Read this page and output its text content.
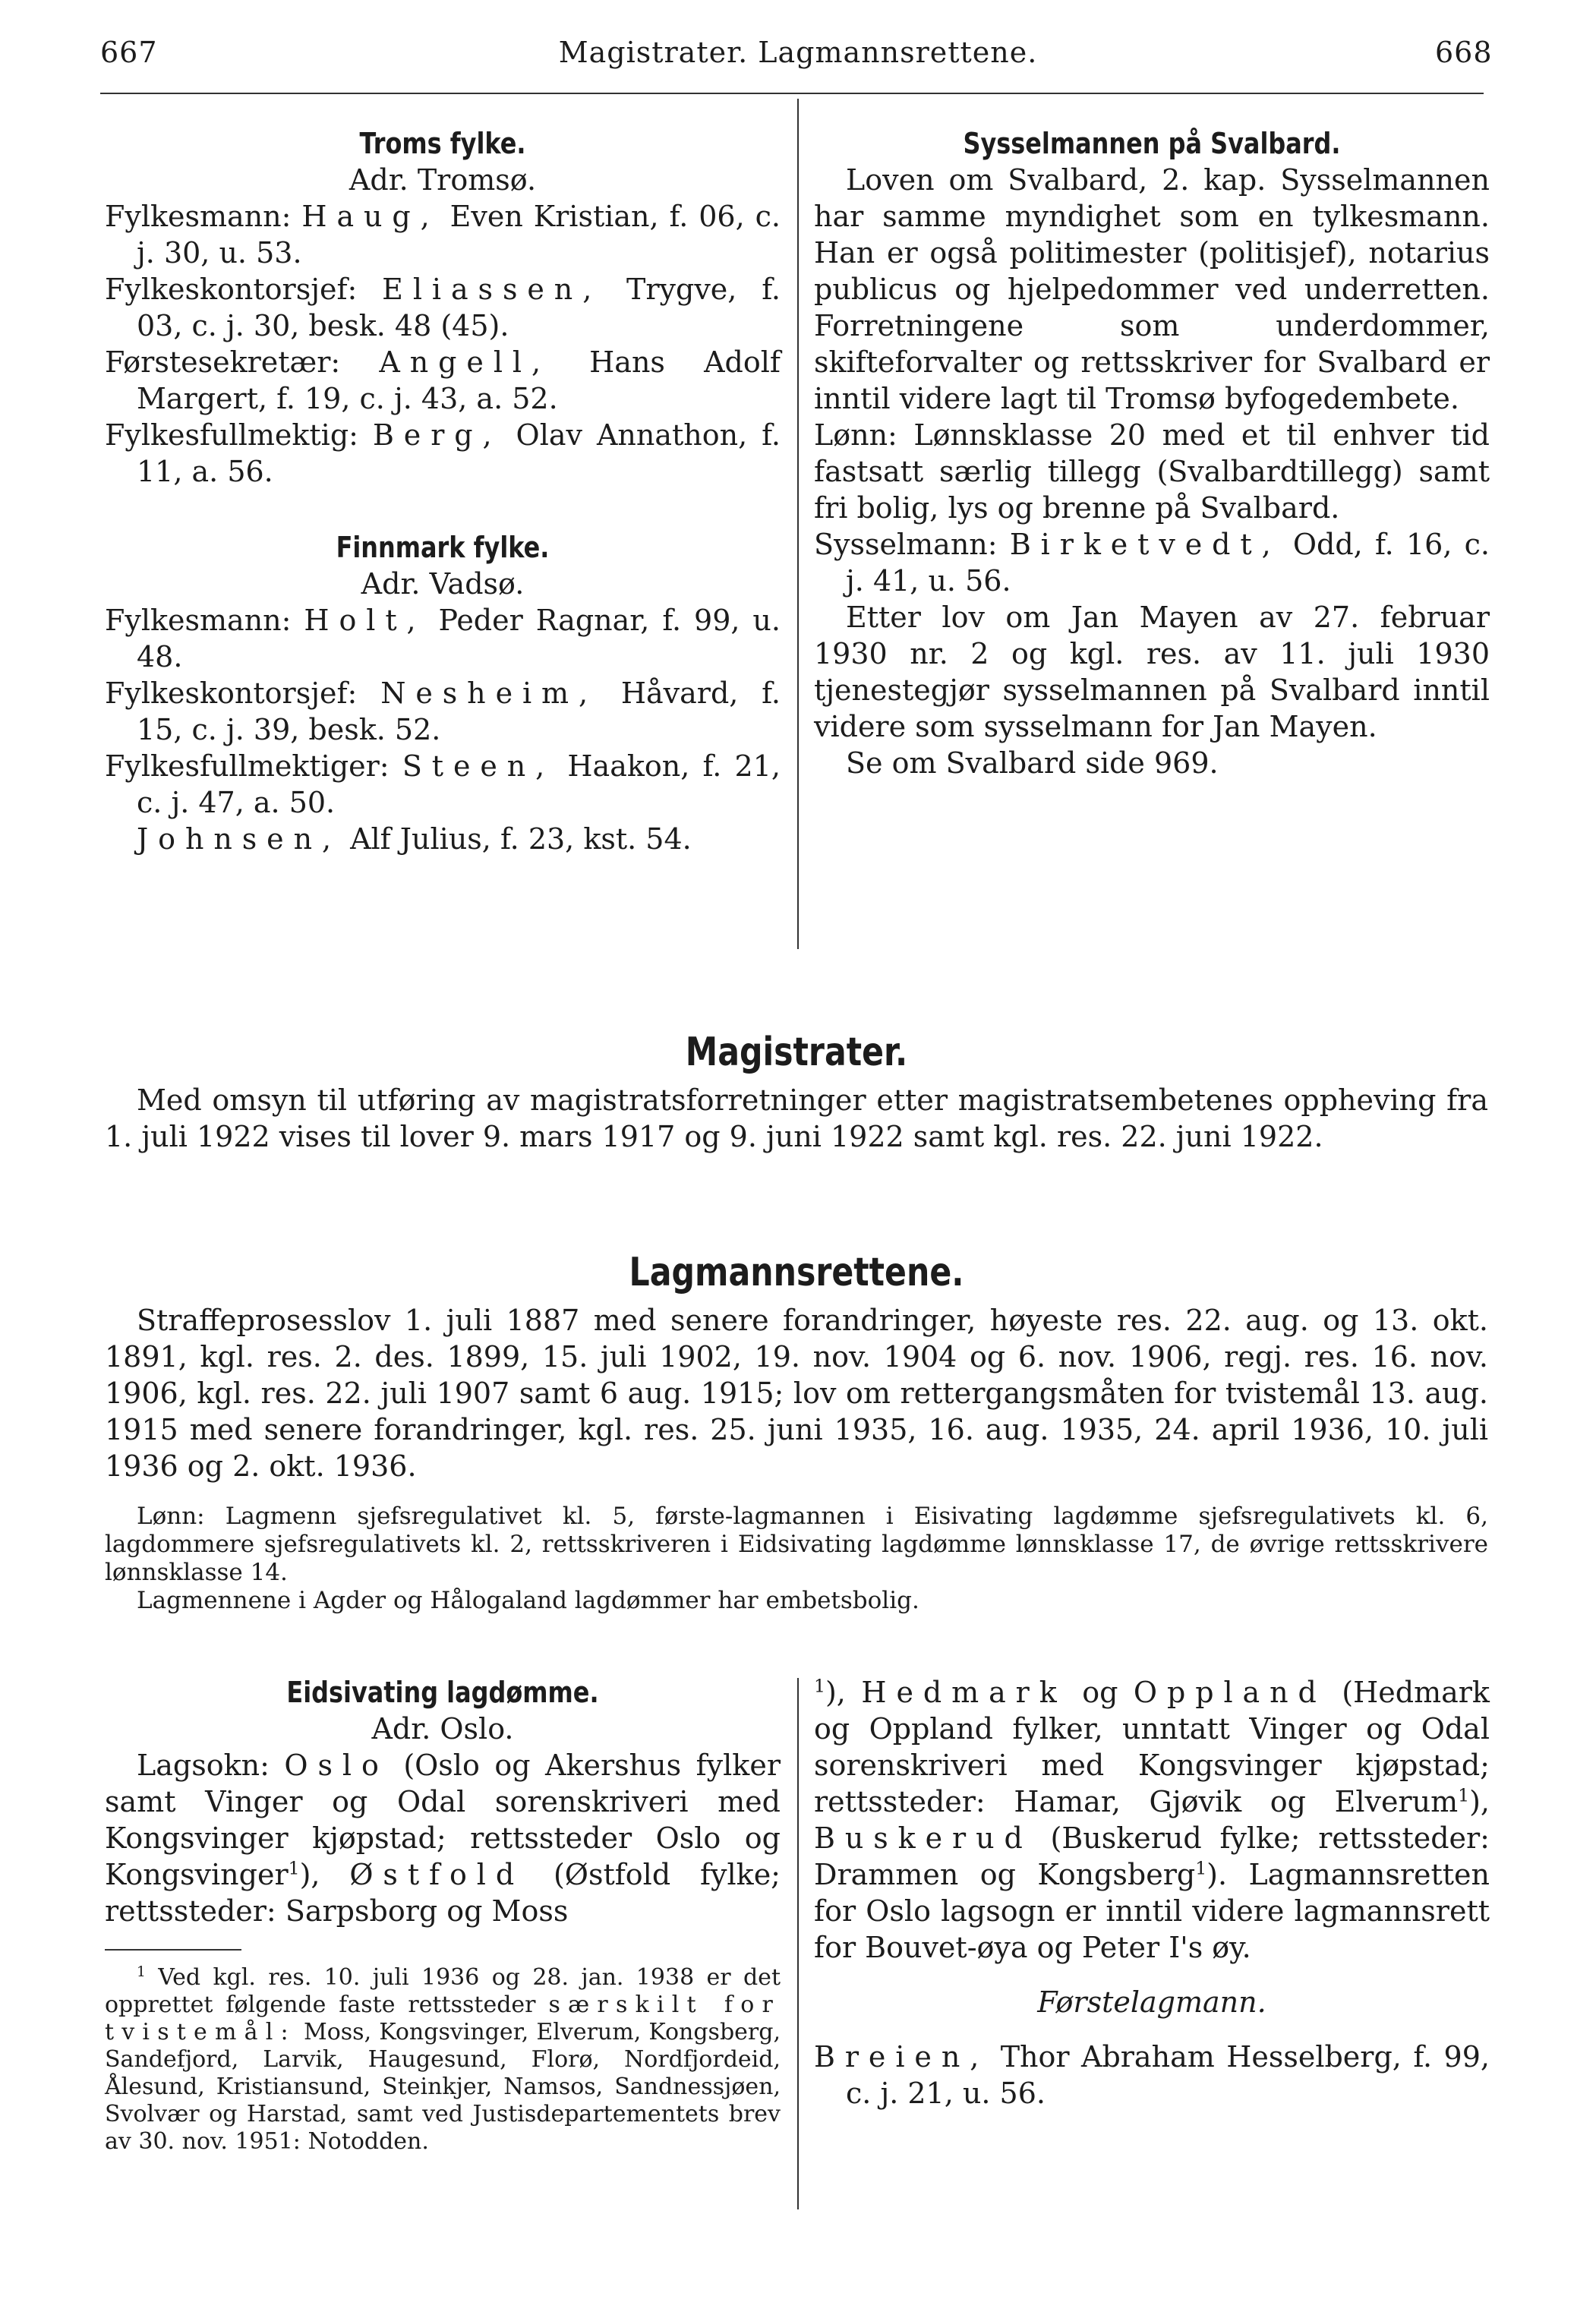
667	Magistrater. Lagmannsrettene.	668
Troms fylke.

Adr. Tromsø.

Fylkesmann: Haug, Even Kristian, f. 06, c. j. 30, u. 53.

Fylkeskontorsjef: Eliassen, Trygve, f. 03, c. j. 30, besk. 48 (45).

Førstesekretær: Angell, Hans Adolf Margert, f. 19, c. j. 43, a. 52.

Fylkesfullmektig: Berg, Olav Annathon, f. 11, a. 56.

Finnmark fylke.

Adr. Vadsø.

Fylkesmann: Holt, Peder Ragnar, f. 99, u. 48.

Fylkeskontorsjef: Nesheim, Håvard, f. 15, c. j. 39, besk. 52.

Fylkesfullmektiger: Steen, Haakon, f. 21, c. j. 47, a. 50.

Johnsen, Alf Julius, f. 23, kst. 54.

Sysselmannen på Svalbard.

Loven om Svalbard, 2. kap. Sysselmannen har samme myndighet som en tylkesmann. Han er også politimester (politisjef), notarius publicus og hjelpedommer ved underretten. Forretningene som underdommer, skifteforvalter og rettsskriver for Svalbard er inntil videre lagt til Tromsø byfogedembete.

Lønn: Lønnsklasse 20 med et til enhver tid fastsatt særlig tillegg (Svalbardtillegg) samt fri bolig, lys og brenne på Svalbard.

Sysselmann: Birketvedt, Odd, f. 16, c. j. 41, u. 56.

Etter lov om Jan Mayen av 27. februar 1930 nr. 2 og kgl. res. av 11. juli 1930 tjenestegjør sysselmannen på Svalbard inntil videre som sysselmann for Jan Mayen.

Se om Svalbard side 969.

Magistrater.

Med omsyn til utføring av magistratsforretninger etter magistratsembetenes oppheving fra 1. juli 1922 vises til lover 9. mars 1917 og 9. juni 1922 samt kgl. res. 22. juni 1922.

Lagmannsrettene.

Straffeprosesslov 1. juli 1887 med senere forandringer, høyeste res. 22. aug. og 13. okt. 1891, kgl. res. 2. des. 1899, 15. juli 1902, 19. nov. 1904 og 6. nov. 1906, regj. res. 16. nov. 1906, kgl. res. 22. juli 1907 samt 6 aug. 1915; lov om rettergangsmåten for tvistemål 13. aug. 1915 med senere forandringer, kgl. res. 25. juni 1935, 16. aug. 1935, 24. april 1936, 10. juli 1936 og 2. okt. 1936.

Lønn: Lagmenn sjefsregulativet kl. 5, første-lagmannen i Eisivating lagdømme sjefsregulativets kl. 6, lagdommere sjefsregulativets kl. 2, rettsskriveren i Eidsivating lagdømme lønnsklasse 17, de øvrige rettsskrivere lønnsklasse 14.

Lagmennene i Agder og Hålogaland lagdømmer har embetsbolig.

Eidsivating lagdømme.

Adr. Oslo.

Lagsokn: Oslo (Oslo og Akershus fylker samt Vinger og Odal sorenskriveri med Kongsvinger kjøpstad; rettssteder Oslo og Kongsvinger$^1$), Østfold (Østfold fylke; rettssteder: Sarpsborg og Moss

$^1$ Ved kgl. res. 10. juli 1936 og 28. jan. 1938 er det opprettet følgende faste rettssteder særskilt for tvistemål: Moss, Kongsvinger, Elverum, Kongsberg, Sandefjord, Larvik, Haugesund, Florø, Nordfjordeid, Ålesund, Kristiansund, Steinkjer, Namsos, Sandnessjøen, Svolvær og Harstad, samt ved Justisdepartementets brev av 30. nov. 1951: Notodden.

$^1$), Hedmark og Oppland (Hedmark og Oppland fylker, unntatt Vinger og Odal sorenskriveri med Kongsvinger kjøpstad; rettssteder: Hamar, Gjøvik og Elverum$^1$), Buskerud (Buskerud fylke; rettssteder: Drammen og Kongsberg$^1$). Lagmannsretten for Oslo lagsogn er inntil videre lagmannsrett for Bouvet-øya og Peter I's øy.

Førstelagmann.

Breien, Thor Abraham Hesselberg, f. 99, c. j. 21, u. 56.
